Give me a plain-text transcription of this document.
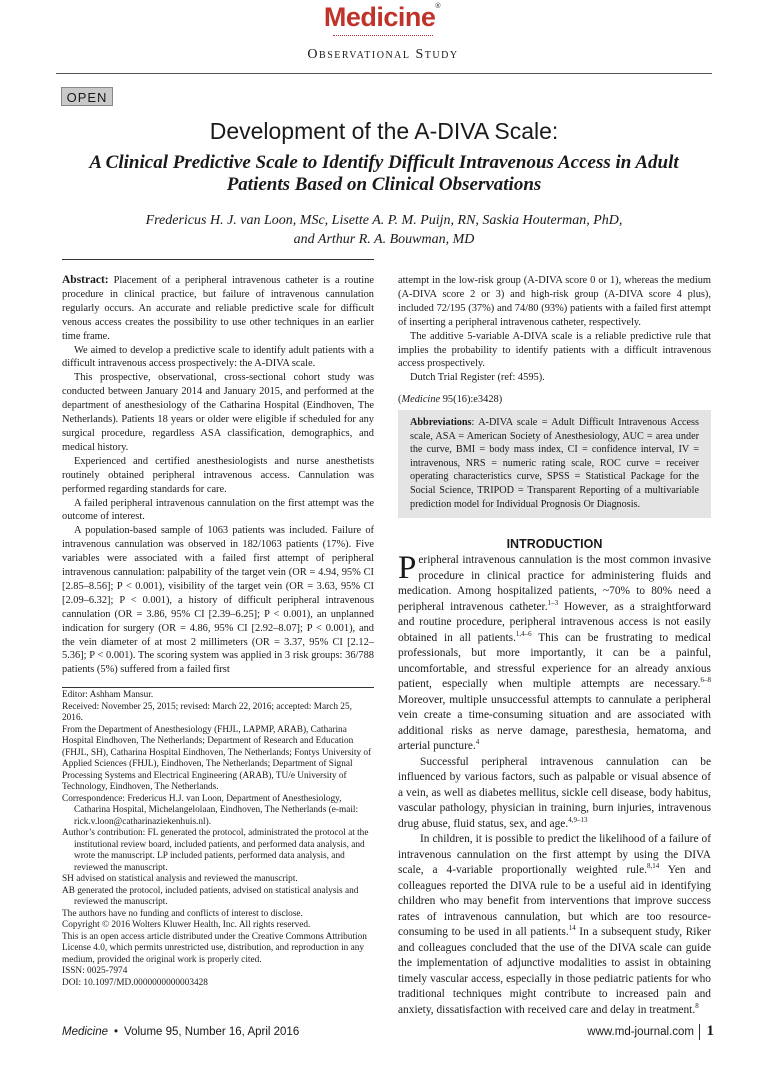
Medicine®
Observational Study
OPEN
Development of the A-DIVA Scale:
A Clinical Predictive Scale to Identify Difficult Intravenous Access in Adult Patients Based on Clinical Observations
Fredericus H. J. van Loon, MSc, Lisette A. P. M. Puijn, RN, Saskia Houterman, PhD,
and Arthur R. A. Bouwman, MD

Abstract: Placement of a peripheral intravenous catheter is a routine procedure in clinical practice, but failure of intravenous cannulation regularly occurs. An accurate and reliable predictive scale for difficult venous access creates the possibility to use other techniques in an earlier time frame.

We aimed to develop a predictive scale to identify adult patients with a difficult intravenous access prospectively: the A-DIVA scale.

This prospective, observational, cross-sectional cohort study was conducted between January 2014 and January 2015, and performed at the department of anesthesiology of the Catharina Hospital (Eindhoven, The Netherlands). Patients 18 years or older were eligible if scheduled for any surgical procedure, regardless ASA classification, demographics, and medical history.

Experienced and certified anesthesiologists and nurse anesthetists routinely obtained peripheral intravenous access. Cannulation was performed regarding standards for care.

A failed peripheral intravenous cannulation on the first attempt was the outcome of interest.

A population-based sample of 1063 patients was included. Failure of intravenous cannulation was observed in 182/1063 patients (17%). Five variables were associated with a failed first attempt of peripheral intravenous cannulation: palpability of the target vein (OR = 4.94, 95% CI [2.85–8.56]; P < 0.001), visibility of the target vein (OR = 3.63, 95% CI [2.09–6.32]; P < 0.001), a history of difficult peripheral intravenous cannulation (OR = 3.86, 95% CI [2.39–6.25]; P < 0.001), an unplanned indication for surgery (OR = 4.86, 95% CI [2.92–8.07]; P < 0.001), and the vein diameter of at most 2 millimeters (OR = 3.37, 95% CI [2.12–5.36]; P < 0.001). The scoring system was applied in 3 risk groups: 36/788 patients (5%) suffered from a failed first

Editor: Ashham Mansur.

Received: November 25, 2015; revised: March 22, 2016; accepted: March 25, 2016.

From the Department of Anesthesiology (FHJL, LAPMP, ARAB), Catharina Hospital Eindhoven, The Netherlands; Department of Research and Education (FHJL, SH), Catharina Hospital Eindhoven, The Netherlands; Fontys University of Applied Sciences (FHJL), Eindhoven, The Netherlands; Department of Signal Processing Systems and Electrical Engineering (ARAB), TU/e University of Technology, Eindhoven, The Netherlands.

Correspondence: Fredericus H.J. van Loon, Department of Anesthesiology, Catharina Hospital, Michelangelolaan, Eindhoven, The Netherlands (e-mail: rick.v.loon@catharinaziekenhuis.nl).

Author’s contribution: FL generated the protocol, administrated the protocol at the institutional review board, included patients, and performed data analysis, and wrote the manuscript. LP included patients, performed data analysis, and reviewed the manuscript.

SH advised on statistical analysis and reviewed the manuscript.

AB generated the protocol, included patients, advised on statistical analysis and reviewed the manuscript.

The authors have no funding and conflicts of interest to disclose.

Copyright © 2016 Wolters Kluwer Health, Inc. All rights reserved.

This is an open access article distributed under the Creative Commons Attribution License 4.0, which permits unrestricted use, distribution, and reproduction in any medium, provided the original work is properly cited.

ISSN: 0025-7974

DOI: 10.1097/MD.0000000000003428

attempt in the low-risk group (A-DIVA score 0 or 1), whereas the medium (A-DIVA score 2 or 3) and high-risk group (A-DIVA score 4 plus), included 72/195 (37%) and 74/80 (93%) patients with a failed first attempt of inserting a peripheral intravenous catheter, respectively.

The additive 5-variable A-DIVA scale is a reliable predictive rule that implies the probability to identify patients with a difficult intravenous access prospectively.

Dutch Trial Register (ref: 4595).

(Medicine 95(16):e3428)

Abbreviations: A-DIVA scale = Adult Difficult Intravenous Access scale, ASA = American Society of Anesthesiology, AUC = area under the curve, BMI = body mass index, CI = confidence interval, IV = intravenous, NRS = numeric rating scale, ROC curve = receiver operating characteristics curve, SPSS = Statistical Package for the Social Science, TRIPOD = Transparent Reporting of a multivariable prediction model for Individual Prognosis Or Diagnosis.
INTRODUCTION

Peripheral intravenous cannulation is the most common invasive procedure in clinical practice for administering fluids and medication. Among hospitalized patients, ~70% to 80% need a peripheral intravenous catheter.$^{1-3}$ However, as a straightforward and routine procedure, peripheral intravenous access is not easily obtained in all patients.$^{1,4-6}$ This can be frustrating to medical professionals, but more importantly, it can be a painful, uncomfortable, and stressful experience for an already anxious patient, especially when multiple attempts are necessary.$^{6-8}$ Moreover, multiple unsuccessful attempts to cannulate a peripheral vein create a time-consuming situation and are associated with additional risks as nerve damage, paresthesia, hematoma, and arterial puncture.$^4$

Successful peripheral intravenous cannulation can be influenced by various factors, such as palpable or visual absence of a vein, as well as diabetes mellitus, sickle cell disease, body habitus, vascular pathology, physician in training, burn injuries, intravenous drug abuse, fluid status, sex, and age.$^{4,9-13}$

In children, it is possible to predict the likelihood of a failure of intravenous cannulation on the first attempt by using the DIVA scale, a 4-variable proportionally weighted rule.$^{8,14}$ Yen and colleagues reported the DIVA rule to be a useful aid in identifying children who may benefit from interventions that improve success rates of intravenous cannulation, but which are too resource-consuming to be used in all patients.$^{14}$ In a subsequent study, Riker and colleagues concluded that the use of the DIVA scale can guide the implementation of adjunctive modalities to assist in obtaining timely vascular access, especially in those pediatric patients for who traditional techniques might contribute to increased pain and anxiety, dissatisfaction with received care and delay in treatment.$^8$

Medicine • Volume 95, Number 16, April 2016	www.md-journal.com 1
